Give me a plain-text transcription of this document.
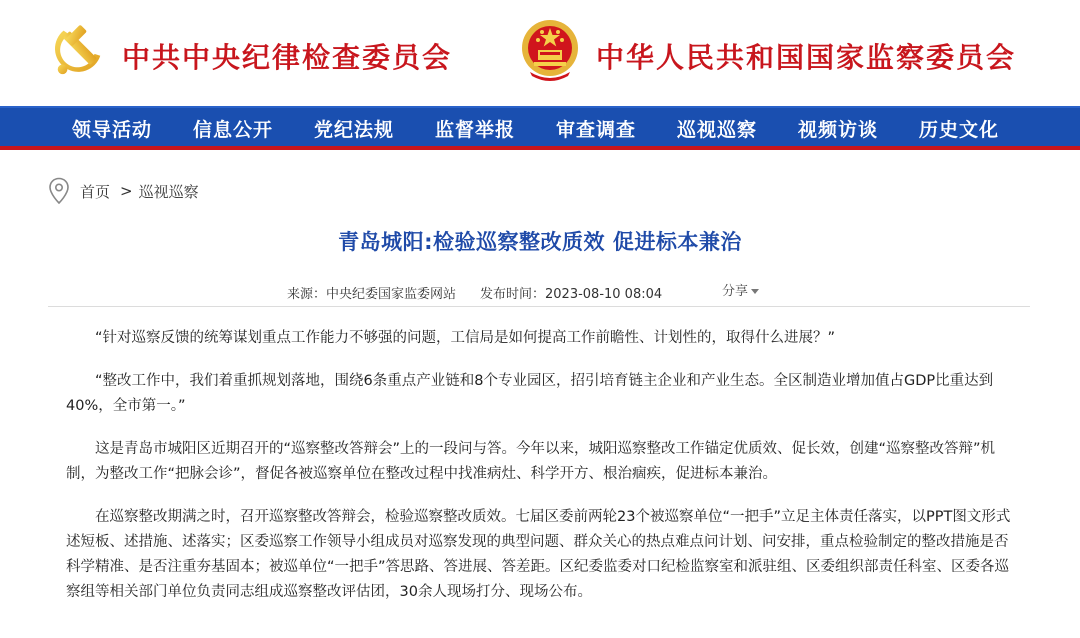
中共中央纪律检查委员会	中华人民共和国国家监察委员会
领导活动 信息公开 党纪法规 监督举报 审查调查 巡视巡察 视频访谈 历史文化
首页 > 巡视巡察
青岛城阳:检验巡察整改质效 促进标本兼治
来源：中央纪委国家监委网站 发布时间：2023-08-10 08:04	分享

“针对巡察反馈的统筹谋划重点工作能力不够强的问题，工信局是如何提高工作前瞻性、计划性的，取得什么进展？”

“整改工作中，我们着重抓规划落地，围绕6条重点产业链和8个专业园区，招引培育链主企业和产业生态。全区制造业增加值占GDP比重达到40%，全市第一。”

这是青岛市城阳区近期召开的“巡察整改答辩会”上的一段问与答。今年以来，城阳巡察整改工作锚定优质效、促长效，创建“巡察整改答辩”机制，为整改工作“把脉会诊”，督促各被巡察单位在整改过程中找准病灶、科学开方、根治痼疾，促进标本兼治。

在巡察整改期满之时，召开巡察整改答辩会，检验巡察整改质效。七届区委前两轮23个被巡察单位“一把手”立足主体责任落实，以PPT图文形式述短板、述措施、述落实；区委巡察工作领导小组成员对巡察发现的典型问题、群众关心的热点难点问计划、问安排，重点检验制定的整改措施是否科学精准、是否注重夯基固本；被巡单位“一把手”答思路、答进展、答差距。区纪委监委对口纪检监察室和派驻组、区委组织部责任科室、区委各巡察组等相关部门单位负责同志组成巡察整改评估团，30余人现场打分、现场公布。
